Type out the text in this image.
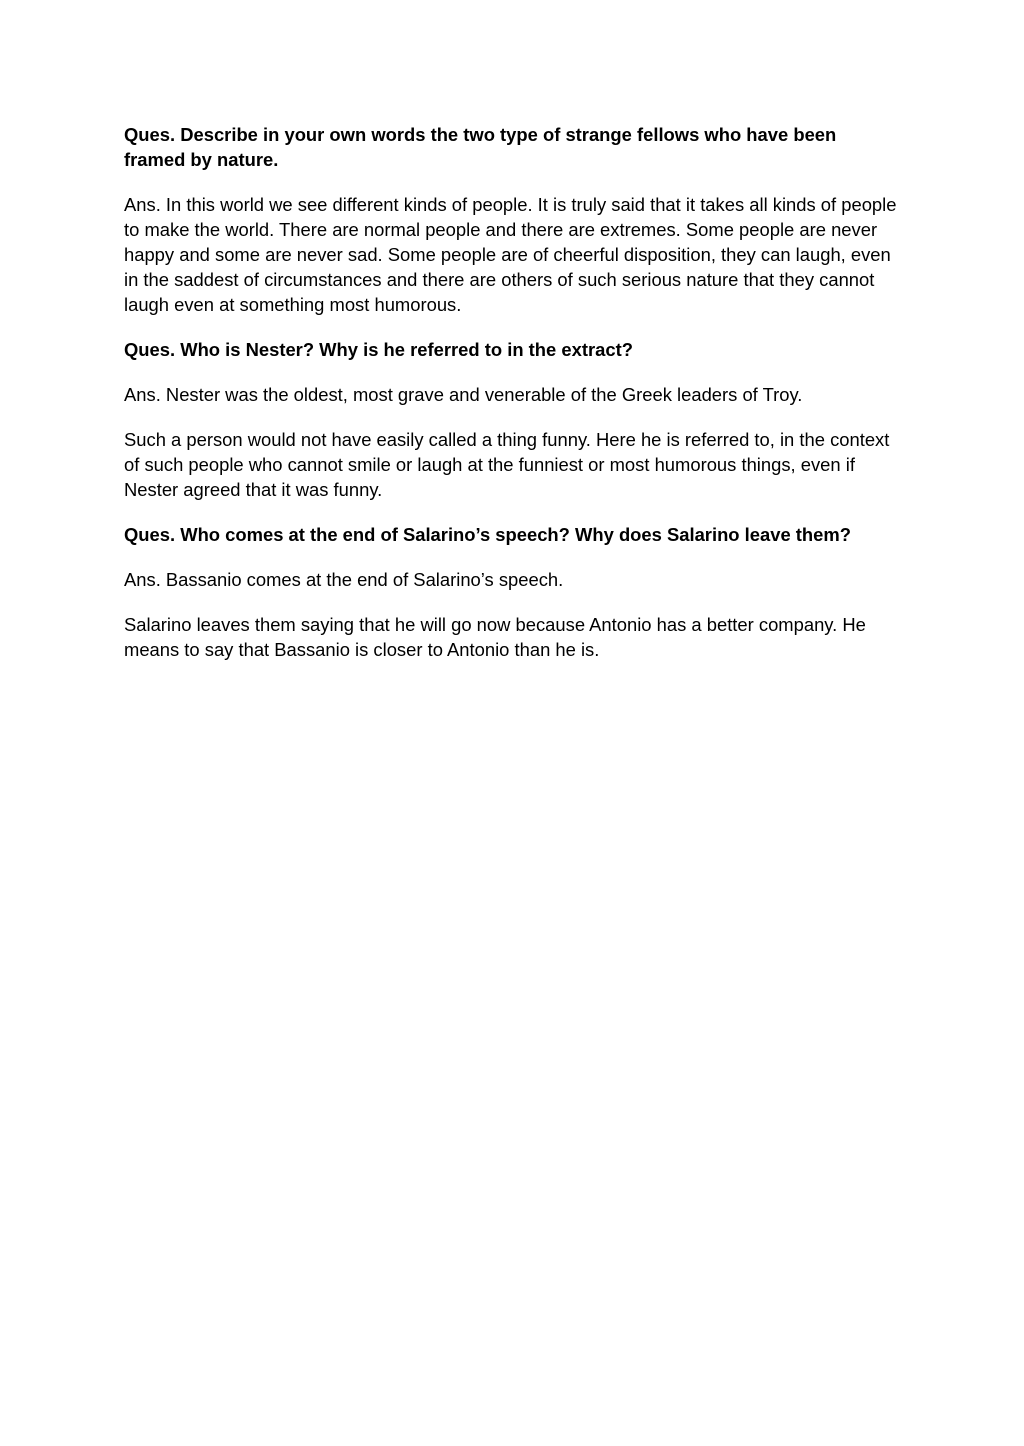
Ques. Describe in your own words the two type of strange fellows who have been framed by nature.

Ans. In this world we see different kinds of people. It is truly said that it takes all kinds of people to make the world. There are normal people and there are extremes. Some people are never happy and some are never sad. Some people are of cheerful disposition, they can laugh, even in the saddest of circumstances and there are others of such serious nature that they cannot laugh even at something most humorous.

Ques. Who is Nester? Why is he referred to in the extract?

Ans. Nester was the oldest, most grave and venerable of the Greek leaders of Troy.

Such a person would not have easily called a thing funny. Here he is referred to, in the context of such people who cannot smile or laugh at the funniest or most humorous things, even if Nester agreed that it was funny.

Ques. Who comes at the end of Salarino’s speech? Why does Salarino leave them?

Ans. Bassanio comes at the end of Salarino’s speech.

Salarino leaves them saying that he will go now because Antonio has a better company. He means to say that Bassanio is closer to Antonio than he is.
